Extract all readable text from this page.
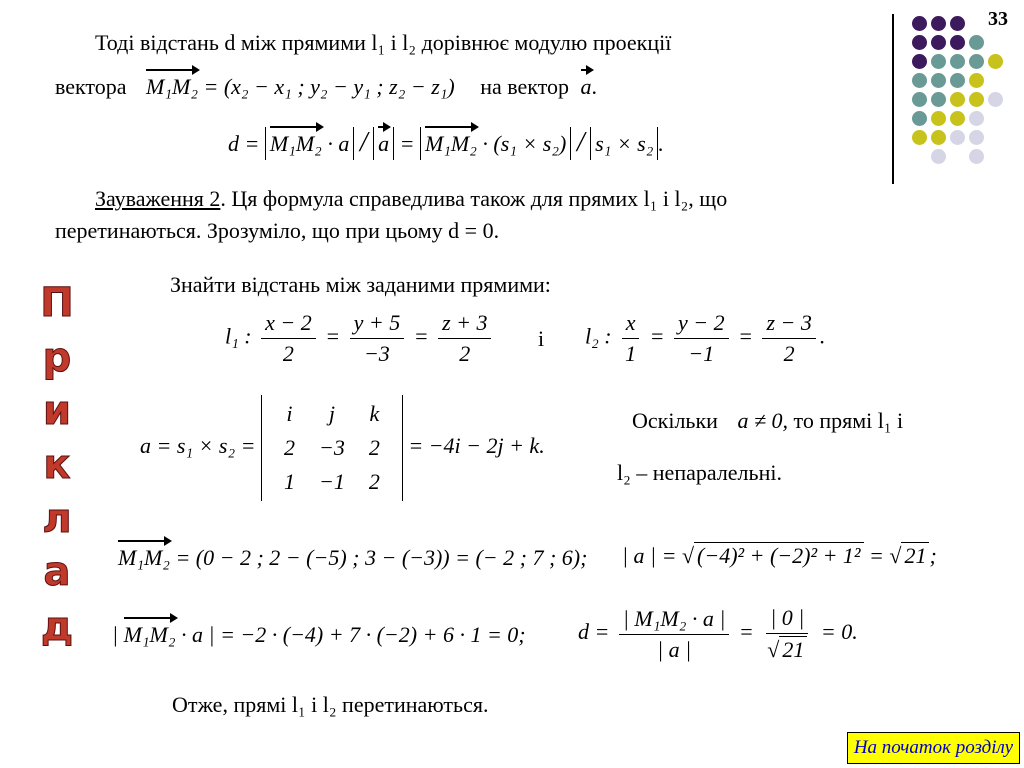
33
Тоді відстань d між прямими l₁ і l₂ дорівнює модулю проекції
вектора M₁M₂ = (x₂ − x₁ ; y₂ − y₁ ; z₂ − z₁) на вектор a.
d = M₁M₂ · a / a = M₁M₂ · (s₁ × s₂) / s₁ × s₂ .
Зауваження 2. Ця формула справедлива також для прямих l₁ і l₂, що
перетинаються. Зрозуміло, що при цьому d = 0.
П
р
и
к
л
а
д
Знайти відстань між заданими прямими:
l₁ : $\frac{x - 2}{2} = \frac{y + 5}{-3} = \frac{z + 3}{2}$ і l₂ : $\frac{x}{1} = \frac{y - 2}{-1} = \frac{z - 3}{2}$ .
a = s₁ × s₂ =
i	j	k
2	−3	2
1	−1	2
= −4i − 2j + k.
Оскільки a ≠ 0, то прямі l₁ і
l₂ – непаралельні.
M₁M₂ = (0 − 2 ; 2 − (−5) ; 3 − (−3)) = (− 2 ; 7 ; 6); | a | = √ (−4)² + (−2)² + 1² = √ 21 ;
| M₁M₂ · a | = −2 · (−4) + 7 · (−2) + 6 · 1 = 0; $d = \frac{\text{| M₁M₂ · a |}}{| a |} = \frac{| 0 |}{√ 21} = 0$.
Отже, прямі l₁ і l₂ перетинаються.
На початок розділу
